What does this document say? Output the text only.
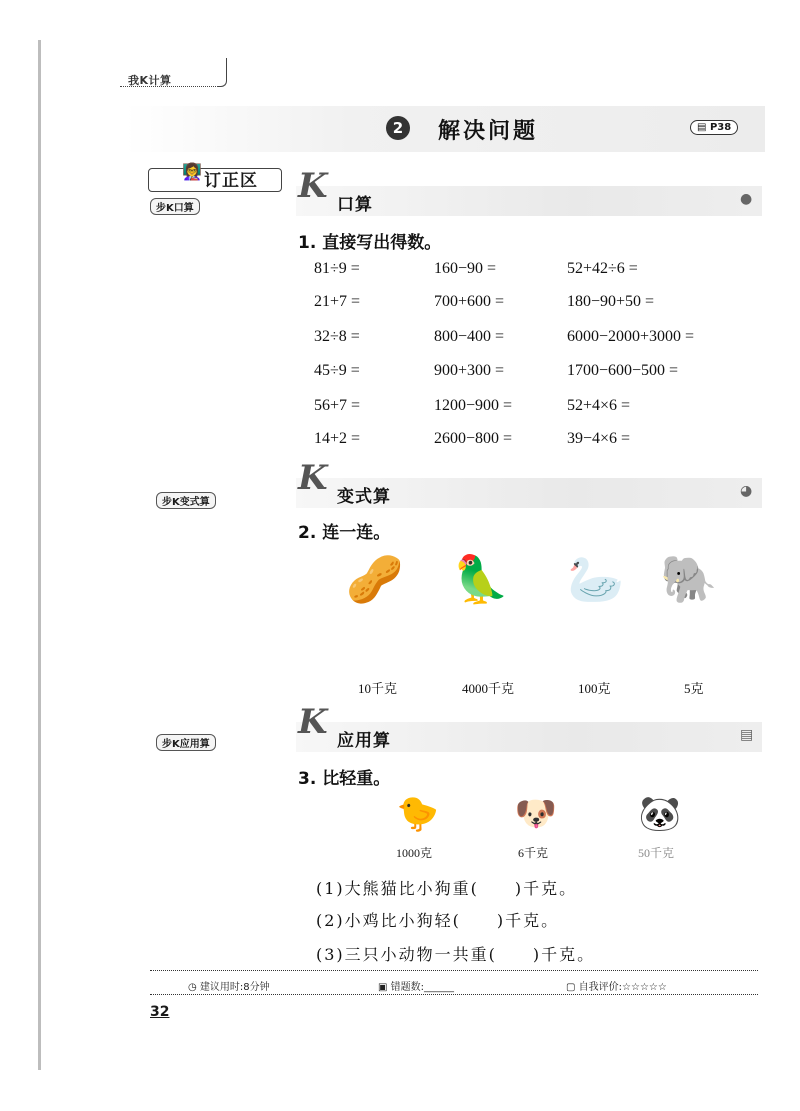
我K计算
2	解决问题	▤ P38
👩‍🏫 订正区
步K口算
K 口算	●
1. 直接写出得数。
81÷9 =	160−90 =	52+42÷6 =
21+7 =	700+600 =	180−90+50 =
32÷8 =	800−400 =	6000−2000+3000 =
45÷9 =	900+300 =	1700−600−500 =
56+7 =	1200−900 =	52+4×6 =
14+2 =	2600−800 =	39−4×6 =
步K变式算
K 变式算	◕
2. 连一连。
🥜 🦜 🦢 🐘
10千克	4000千克	100克	5克
步K应用算
K 应用算	▤
3. 比轻重。
🐤 🐶 🐼
1000克	6千克	50千克
(1)大熊猫比小狗重(　　)千克。
(2)小鸡比小狗轻(　　)千克。
(3)三只小动物一共重(　　)千克。
◷ 建议用时:8分钟	▣ 错题数:______	▢ 自我评价:☆☆☆☆☆
32
